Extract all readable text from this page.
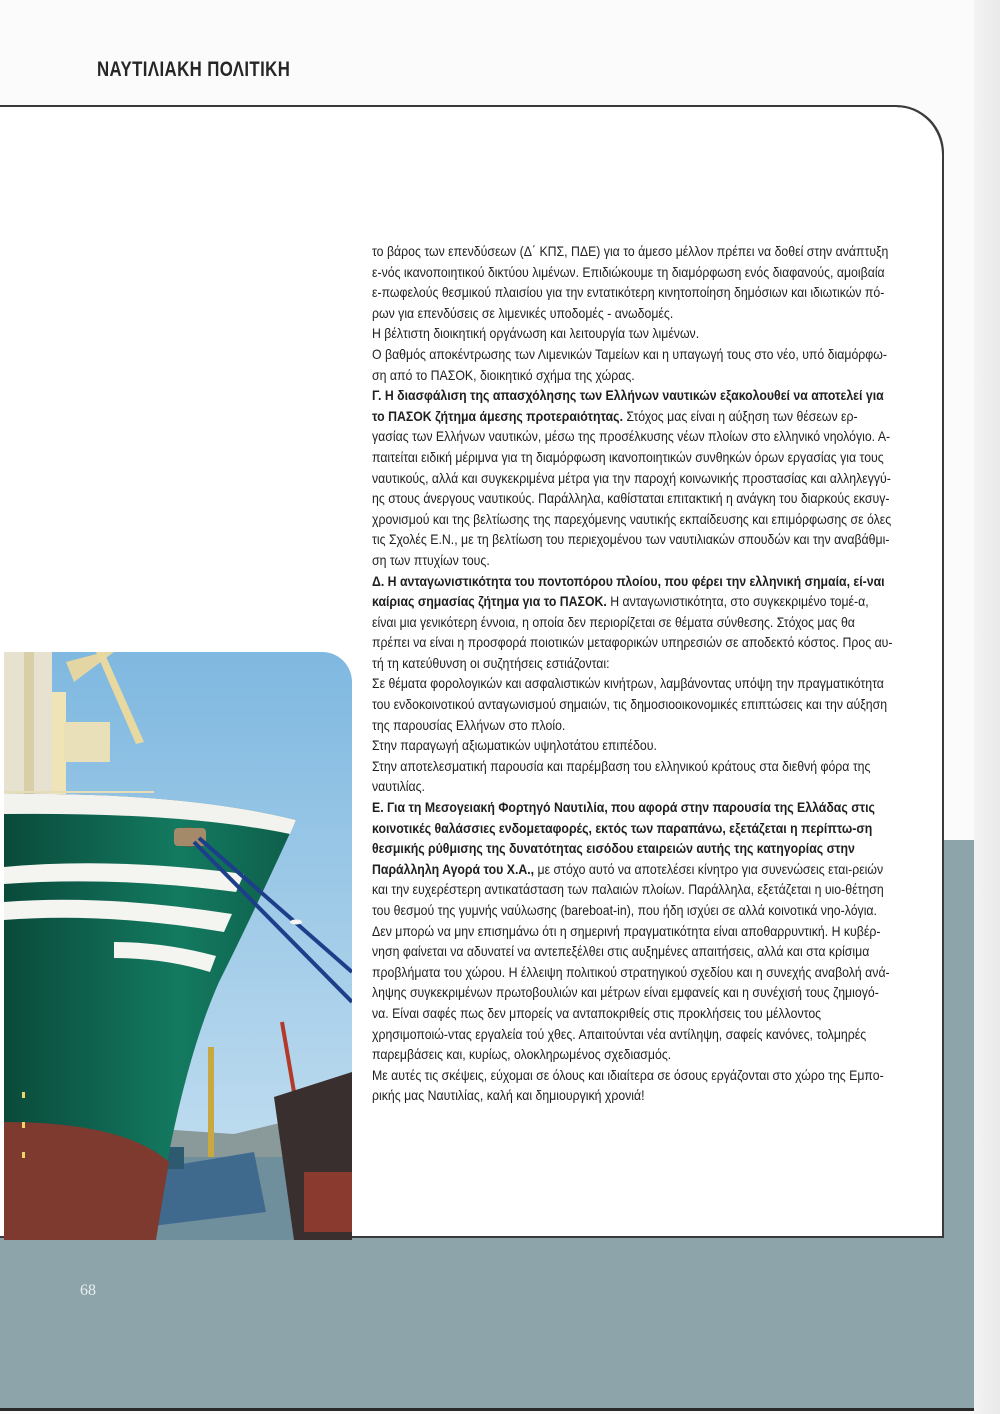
ΝΑΥΤΙΛΙΑΚΗ ΠΟΛΙΤΙΚΗ

το βάρος των επενδύσεων (Δ΄ ΚΠΣ, ΠΔΕ) για το άμεσο μέλλον πρέπει να δοθεί στην ανάπτυξη ε-νός ικανοποιητικού δικτύου λιμένων. Επιδιώκουμε τη διαμόρφωση ενός διαφανούς, αμοιβαία ε-πωφελούς θεσμικού πλαισίου για την εντατικότερη κινητοποίηση δημόσιων και ιδιωτικών πό-ρων για επενδύσεις σε λιμενικές υποδομές - ανωδομές.

Η βέλτιστη διοικητική οργάνωση και λειτουργία των λιμένων.

Ο βαθμός αποκέντρωσης των Λιμενικών Ταμείων και η υπαγωγή τους στο νέο, υπό διαμόρφω-ση από το ΠΑΣΟΚ, διοικητικό σχήμα της χώρας.

Γ. Η διασφάλιση της απασχόλησης των Ελλήνων ναυτικών εξακολουθεί να αποτελεί για το ΠΑΣΟΚ ζήτημα άμεσης προτεραιότητας. Στόχος μας είναι η αύξηση των θέσεων ερ-γασίας των Ελλήνων ναυτικών, μέσω της προσέλκυσης νέων πλοίων στο ελληνικό νηολόγιο. Α-παιτείται ειδική μέριμνα για τη διαμόρφωση ικανοποιητικών συνθηκών όρων εργασίας για τους ναυτικούς, αλλά και συγκεκριμένα μέτρα για την παροχή κοινωνικής προστασίας και αλληλεγγύ-ης στους άνεργους ναυτικούς. Παράλληλα, καθίσταται επιτακτική η ανάγκη του διαρκούς εκσυγ-χρονισμού και της βελτίωσης της παρεχόμενης ναυτικής εκπαίδευσης και επιμόρφωσης σε όλες τις Σχολές Ε.Ν., με τη βελτίωση του περιεχομένου των ναυτιλιακών σπουδών και την αναβάθμι-ση των πτυχίων τους.

Δ. Η ανταγωνιστικότητα του ποντοπόρου πλοίου, που φέρει την ελληνική σημαία, εί-ναι καίριας σημασίας ζήτημα για το ΠΑΣΟΚ. Η ανταγωνιστικότητα, στο συγκεκριμένο τομέ-α, είναι μια γενικότερη έννοια, η οποία δεν περιορίζεται σε θέματα σύνθεσης. Στόχος μας θα πρέπει να είναι η προσφορά ποιοτικών μεταφορικών υπηρεσιών σε αποδεκτό κόστος. Προς αυ-τή τη κατεύθυνση οι συζητήσεις εστιάζονται:

Σε θέματα φορολογικών και ασφαλιστικών κινήτρων, λαμβάνοντας υπόψη την πραγματικότητα του ενδοκοινοτικού ανταγωνισμού σημαιών, τις δημοσιοοικονομικές επιπτώσεις και την αύξηση της παρουσίας Ελλήνων στο πλοίο.

Στην παραγωγή αξιωματικών υψηλοτάτου επιπέδου.

Στην αποτελεσματική παρουσία και παρέμβαση του ελληνικού κράτους στα διεθνή φόρα της ναυτιλίας.

Ε. Για τη Μεσογειακή Φορτηγό Ναυτιλία, που αφορά στην παρουσία της Ελλάδας στις κοινοτικές θαλάσσιες ενδομεταφορές, εκτός των παραπάνω, εξετάζεται η περίπτω-ση θεσμικής ρύθμισης της δυνατότητας εισόδου εταιρειών αυτής της κατηγορίας στην Παράλληλη Αγορά του Χ.Α., με στόχο αυτό να αποτελέσει κίνητρο για συνενώσεις εται-ρειών και την ευχερέστερη αντικατάσταση των παλαιών πλοίων. Παράλληλα, εξετάζεται η υιο-θέτηση του θεσμού της γυμνής ναύλωσης (bareboat-in), που ήδη ισχύει σε αλλά κοινοτικά νηο-λόγια.

Δεν μπορώ να μην επισημάνω ότι η σημερινή πραγματικότητα είναι αποθαρρυντική. Η κυβέρ-νηση φαίνεται να αδυνατεί να αντεπεξέλθει στις αυξημένες απαιτήσεις, αλλά και στα κρίσιμα προβλήματα του χώρου. Η έλλειψη πολιτικού στρατηγικού σχεδίου και η συνεχής αναβολή ανά-ληψης συγκεκριμένων πρωτοβουλιών και μέτρων είναι εμφανείς και η συνέχισή τους ζημιογό-να. Είναι σαφές πως δεν μπορείς να ανταποκριθείς στις προκλήσεις του μέλλοντος χρησιμοποιώ-ντας εργαλεία τού χθες. Απαιτούνται νέα αντίληψη, σαφείς κανόνες, τολμηρές παρεμβάσεις και, κυρίως, ολοκληρωμένος σχεδιασμός.

Με αυτές τις σκέψεις, εύχομαι σε όλους και ιδιαίτερα σε όσους εργάζονται στο χώρο της Εμπο-ρικής μας Ναυτιλίας, καλή και δημιουργική χρονιά!

68
